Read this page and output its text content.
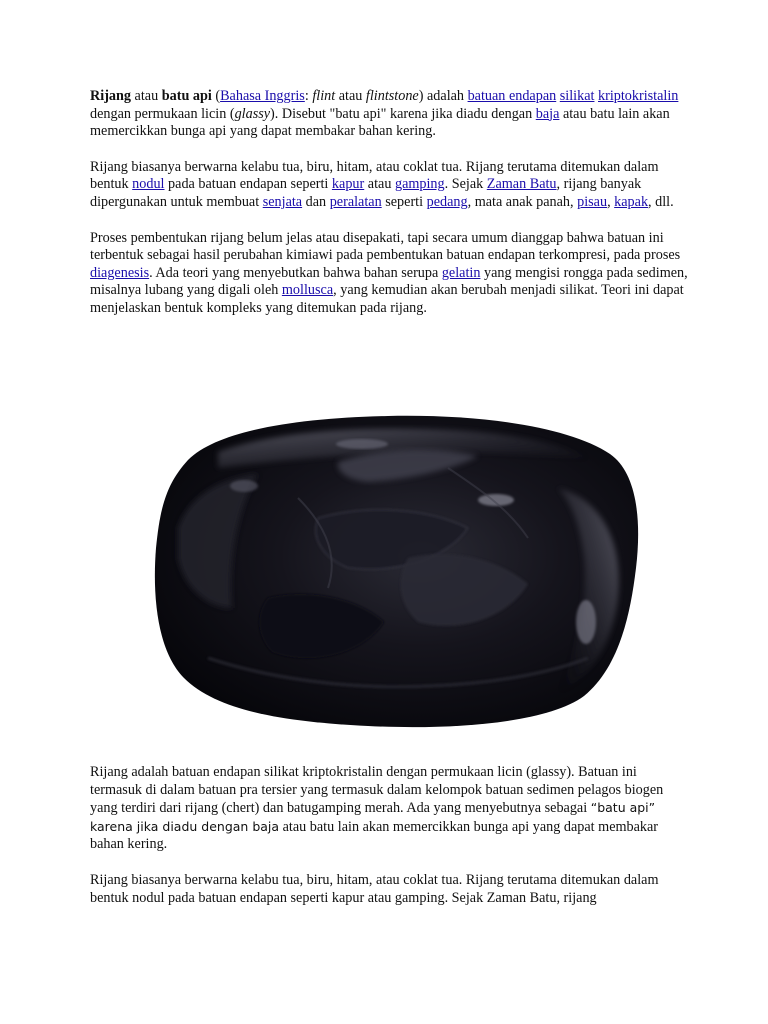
Rijang atau batu api (Bahasa Inggris: flint atau flintstone) adalah batuan endapan silikat kriptokristalin dengan permukaan licin (glassy). Disebut "batu api" karena jika diadu dengan baja atau batu lain akan memercikkan bunga api yang dapat membakar bahan kering.

Rijang biasanya berwarna kelabu tua, biru, hitam, atau coklat tua. Rijang terutama ditemukan dalam bentuk nodul pada batuan endapan seperti kapur atau gamping. Sejak Zaman Batu, rijang banyak dipergunakan untuk membuat senjata dan peralatan seperti pedang, mata anak panah, pisau, kapak, dll.

Proses pembentukan rijang belum jelas atau disepakati, tapi secara umum dianggap bahwa batuan ini terbentuk sebagai hasil perubahan kimiawi pada pembentukan batuan endapan terkompresi, pada proses diagenesis. Ada teori yang menyebutkan bahwa bahan serupa gelatin yang mengisi rongga pada sedimen, misalnya lubang yang digali oleh mollusca, yang kemudian akan berubah menjadi silikat. Teori ini dapat menjelaskan bentuk kompleks yang ditemukan pada rijang.

Rijang adalah batuan endapan silikat kriptokristalin dengan permukaan licin (glassy). Batuan ini termasuk di dalam batuan pra tersier yang termasuk dalam kelompok batuan sedimen pelagos biogen yang terdiri dari rijang (chert) dan batugamping merah. Ada yang menyebutnya sebagai “batu api” karena jika diadu dengan baja atau batu lain akan memercikkan bunga api yang dapat membakar bahan kering.

Rijang biasanya berwarna kelabu tua, biru, hitam, atau coklat tua. Rijang terutama ditemukan dalam bentuk nodul pada batuan endapan seperti kapur atau gamping. Sejak Zaman Batu, rijang
